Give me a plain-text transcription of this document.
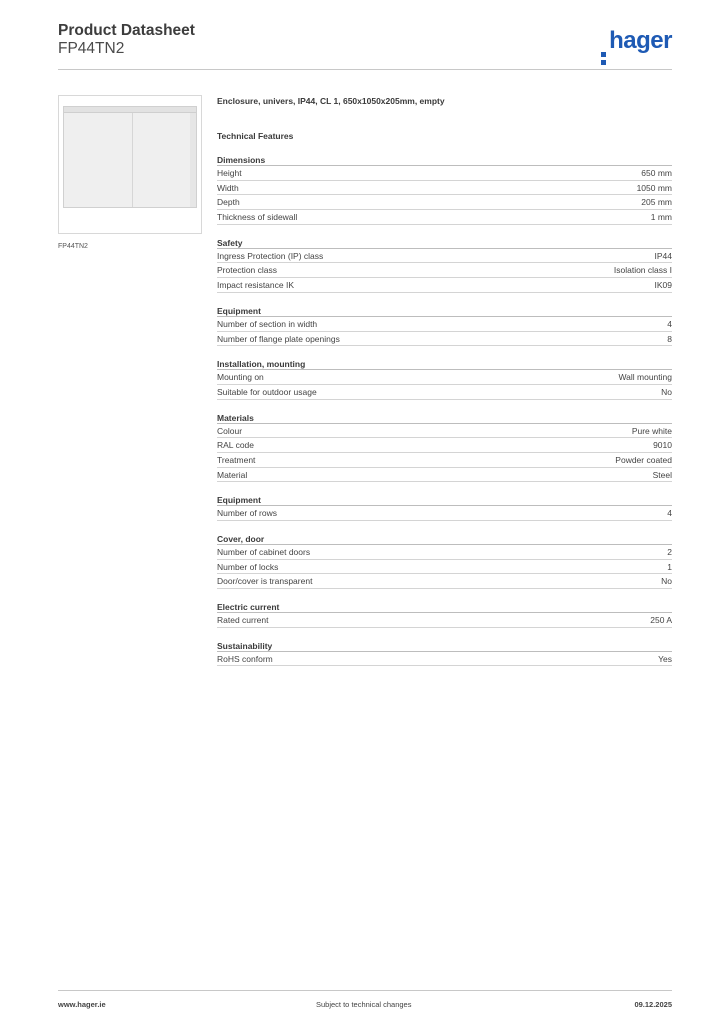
Product Datasheet
FP44TN2	hager
FP44TN2
Enclosure, univers, IP44, CL 1, 650x1050x205mm, empty
Technical Features
Dimensions
Height	650 mm
Width	1050 mm
Depth	205 mm
Thickness of sidewall	1 mm
Safety
Ingress Protection (IP) class	IP44
Protection class	Isolation class I
Impact resistance IK	IK09
Equipment
Number of section in width	4
Number of flange plate openings	8
Installation, mounting
Mounting on	Wall mounting
Suitable for outdoor usage	No
Materials
Colour	Pure white
RAL code	9010
Treatment	Powder coated
Material	Steel
Equipment
Number of rows	4
Cover, door
Number of cabinet doors	2
Number of locks	1
Door/cover is transparent	No
Electric current
Rated current	250 A
Sustainability
RoHS conform	Yes
www.hager.ie	Subject to technical changes	09.12.2025
